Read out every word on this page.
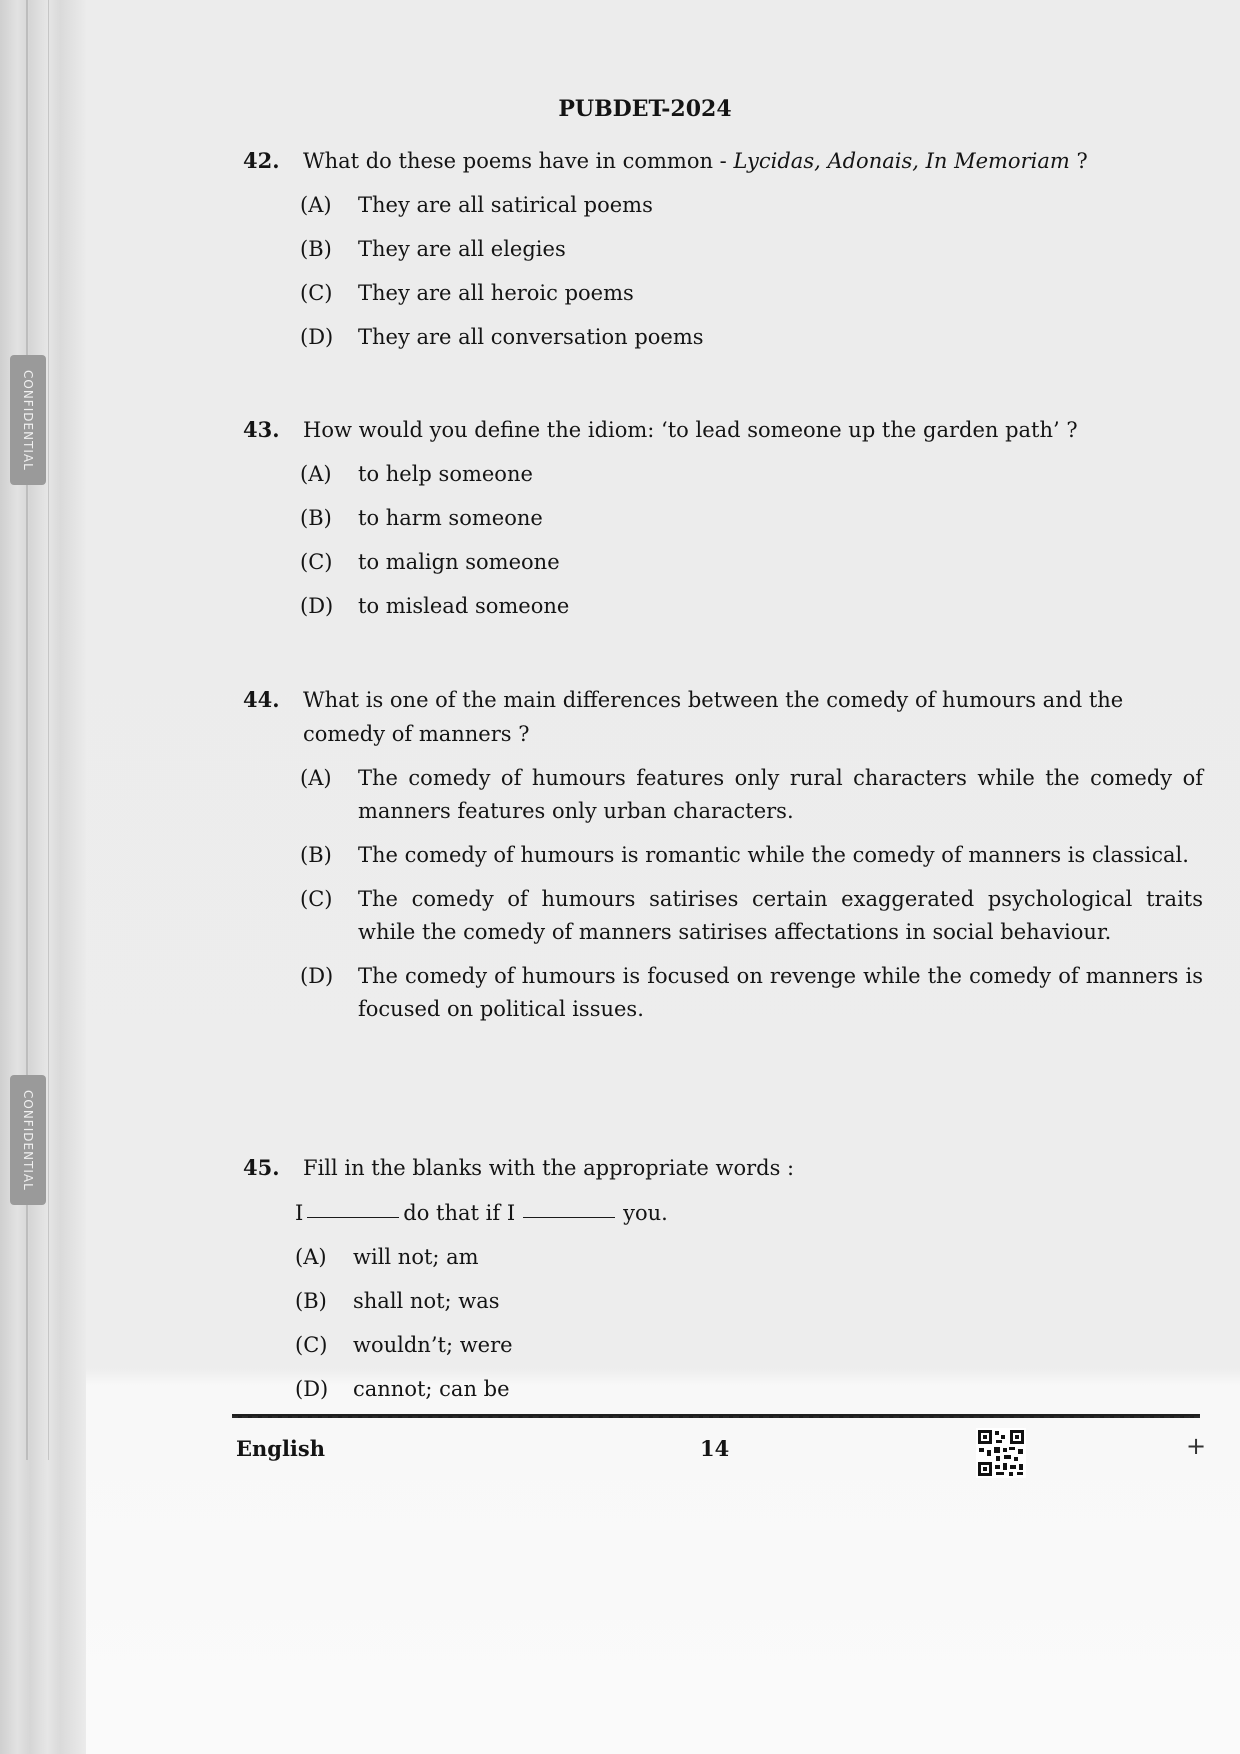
CONFIDENTIAL
CONFIDENTIAL
PUBDET-2024
42.	What do these poems have in common - Lycidas, Adonais, In Memoriam ?
(A)	They are all satirical poems
(B)	They are all elegies
(C)	They are all heroic poems
(D)	They are all conversation poems
43.	How would you define the idiom: ‘to lead someone up the garden path’ ?
(A)	to help someone
(B)	to harm someone
(C)	to malign someone
(D)	to mislead someone
44.	What is one of the main differences between the comedy of humours and the comedy of manners ?
(A)	The comedy of humours features only rural characters while the comedy of manners features only urban characters.
(B)	The comedy of humours is romantic while the comedy of manners is classical.
(C)	The comedy of humours satirises certain exaggerated psychological traits while the comedy of manners satirises affectations in social behaviour.
(D)	The comedy of humours is focused on revenge while the comedy of manners is focused on political issues.
45.	Fill in the blanks with the appropriate words :
I	do that if I	you.
(A)	will not; am
(B)	shall not; was
(C)	wouldn’t; were
(D)	cannot; can be
English	14	+
